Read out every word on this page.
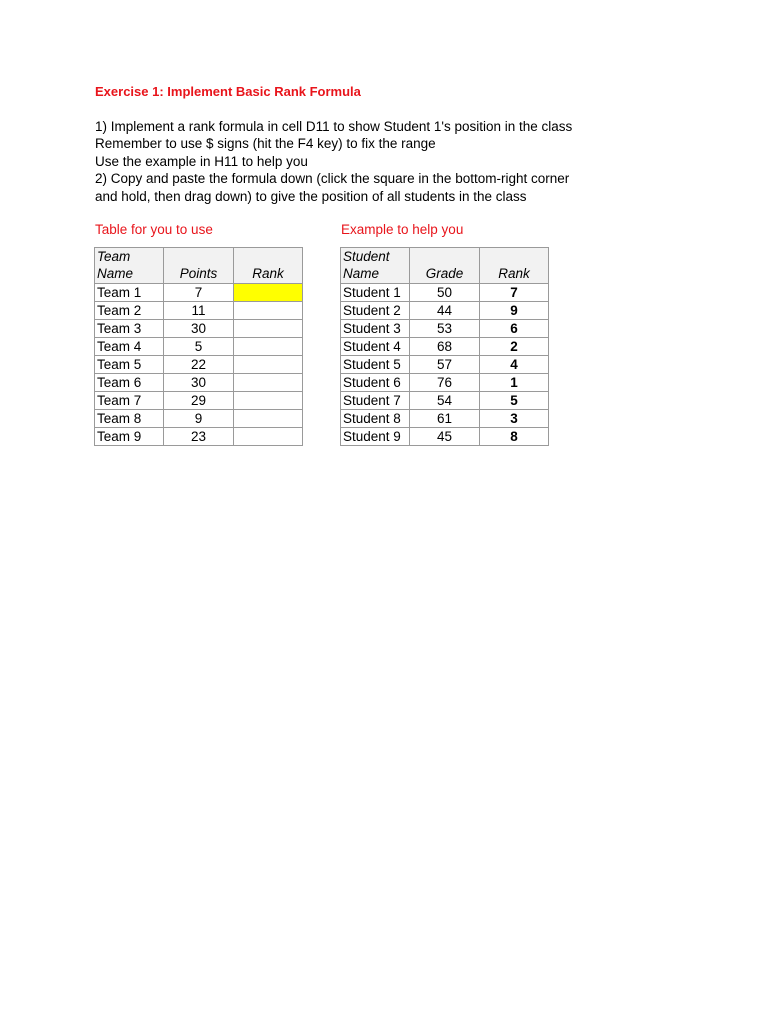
Exercise 1: Implement Basic Rank Formula
1) Implement a rank formula in cell D11 to show Student 1's position in the class
Remember to use $ signs (hit the F4 key) to fix the range
Use the example in H11 to help you
2) Copy and paste the formula down (click the square in the bottom-right corner
and hold, then drag down) to give the position of all students in the class
Table for you to use	Example to help you
Team
Name	Points	Rank
Team 1	7	
Team 2	11	
Team 3	30	
Team 4	5	
Team 5	22	
Team 6	30	
Team 7	29	
Team 8	9	
Team 9	23	
Student
Name	Grade	Rank
Student 1	50	7
Student 2	44	9
Student 3	53	6
Student 4	68	2
Student 5	57	4
Student 6	76	1
Student 7	54	5
Student 8	61	3
Student 9	45	8
